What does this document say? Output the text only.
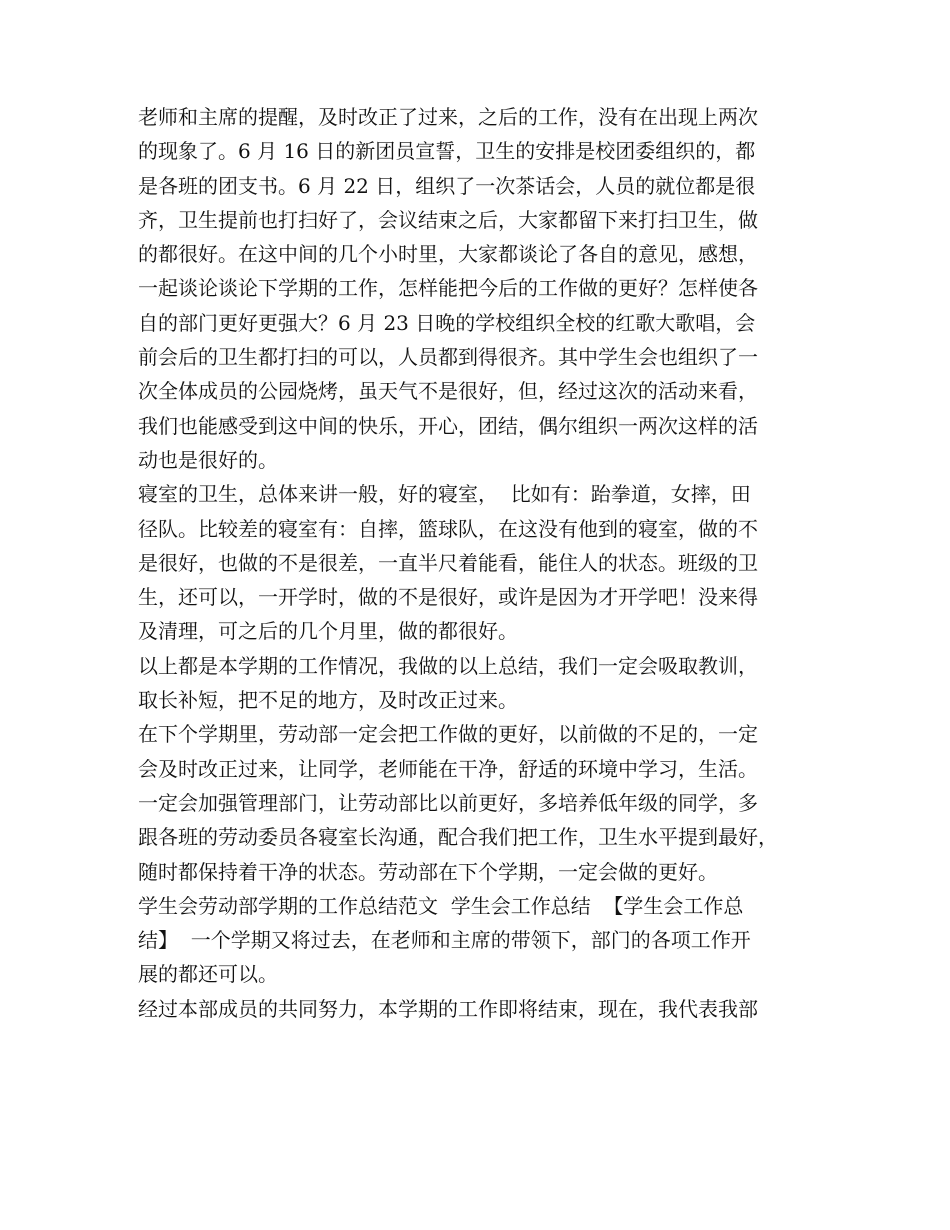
老师和主席的提醒，及时改正了过来，之后的工作，没有在出现上两次

的现象了。6 月 16 日的新团员宣誓，卫生的安排是校团委组织的，都

是各班的团支书。6 月 22 日，组织了一次茶话会，人员的就位都是很

齐，卫生提前也打扫好了，会议结束之后，大家都留下来打扫卫生，做

的都很好。在这中间的几个小时里，大家都谈论了各自的意见，感想，

一起谈论谈论下学期的工作，怎样能把今后的工作做的更好？怎样使各

自的部门更好更强大？6 月 23 日晚的学校组织全校的红歌大歌唱，会

前会后的卫生都打扫的可以，人员都到得很齐。其中学生会也组织了一

次全体成员的公园烧烤，虽天气不是很好，但，经过这次的活动来看，

我们也能感受到这中间的快乐，开心，团结，偶尔组织一两次这样的活

动也是很好的。

寝室的卫生，总体来讲一般，好的寝室，  比如有：跆拳道，女摔，田

径队。比较差的寝室有：自摔，篮球队，在这没有他到的寝室，做的不

是很好，也做的不是很差，一直半尺着能看，能住人的状态。班级的卫

生，还可以，一开学时，做的不是很好，或许是因为才开学吧！没来得

及清理，可之后的几个月里，做的都很好。

以上都是本学期的工作情况，我做的以上总结，我们一定会吸取教训，

取长补短，把不足的地方，及时改正过来。

在下个学期里，劳动部一定会把工作做的更好，以前做的不足的，一定

会及时改正过来，让同学，老师能在干净，舒适的环境中学习，生活。

一定会加强管理部门，让劳动部比以前更好，多培养低年级的同学，多

跟各班的劳动委员各寝室长沟通，配合我们把工作，卫生水平提到最好，

随时都保持着干净的状态。劳动部在下个学期，一定会做的更好。

学生会劳动部学期的工作总结范文  学生会工作总结  【学生会工作总

结】  一个学期又将过去，在老师和主席的带领下，部门的各项工作开

展的都还可以。

经过本部成员的共同努力，本学期的工作即将结束，现在，我代表我部
